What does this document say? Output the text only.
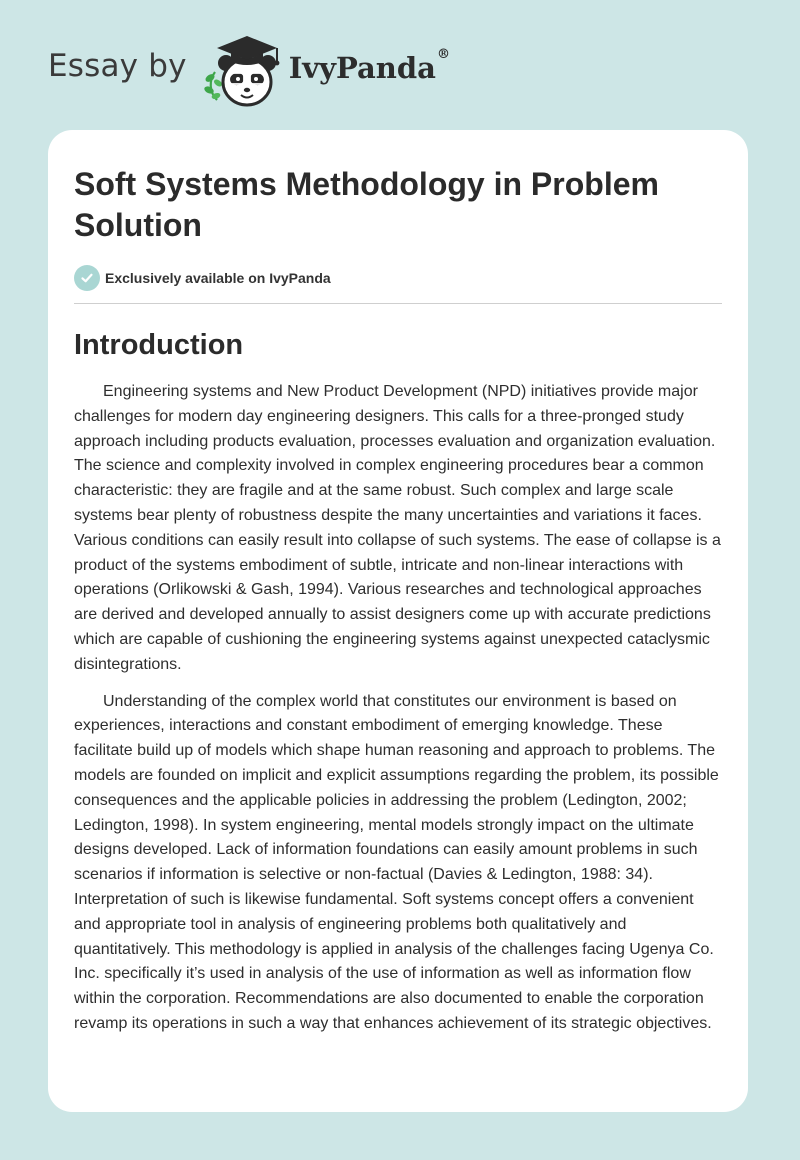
Essay by	IvyPanda®
Soft Systems Methodology in Problem Solution
Exclusively available on IvyPanda
Introduction

Engineering systems and New Product Development (NPD) initiatives provide major challenges for modern day engineering designers. This calls for a three-pronged study approach including products evaluation, processes evaluation and organization evaluation. The science and complexity involved in complex engineering procedures bear a common characteristic: they are fragile and at the same robust. Such complex and large scale systems bear plenty of robustness despite the many uncertainties and variations it faces. Various conditions can easily result into collapse of such systems. The ease of collapse is a product of the systems embodiment of subtle, intricate and non-linear interactions with operations (Orlikowski & Gash, 1994). Various researches and technological approaches are derived and developed annually to assist designers come up with accurate predictions which are capable of cushioning the engineering systems against unexpected cataclysmic disintegrations.

Understanding of the complex world that constitutes our environment is based on experiences, interactions and constant embodiment of emerging knowledge. These facilitate build up of models which shape human reasoning and approach to problems. The models are founded on implicit and explicit assumptions regarding the problem, its possible consequences and the applicable policies in addressing the problem (Ledington, 2002; Ledington, 1998). In system engineering, mental models strongly impact on the ultimate designs developed. Lack of information foundations can easily amount problems in such scenarios if information is selective or non-factual (Davies & Ledington, 1988: 34). Interpretation of such is likewise fundamental. Soft systems concept offers a convenient and appropriate tool in analysis of engineering problems both qualitatively and quantitatively. This methodology is applied in analysis of the challenges facing Ugenya Co. Inc. specifically it’s used in analysis of the use of information as well as information flow within the corporation. Recommendations are also documented to enable the corporation revamp its operations in such a way that enhances achievement of its strategic objectives.
